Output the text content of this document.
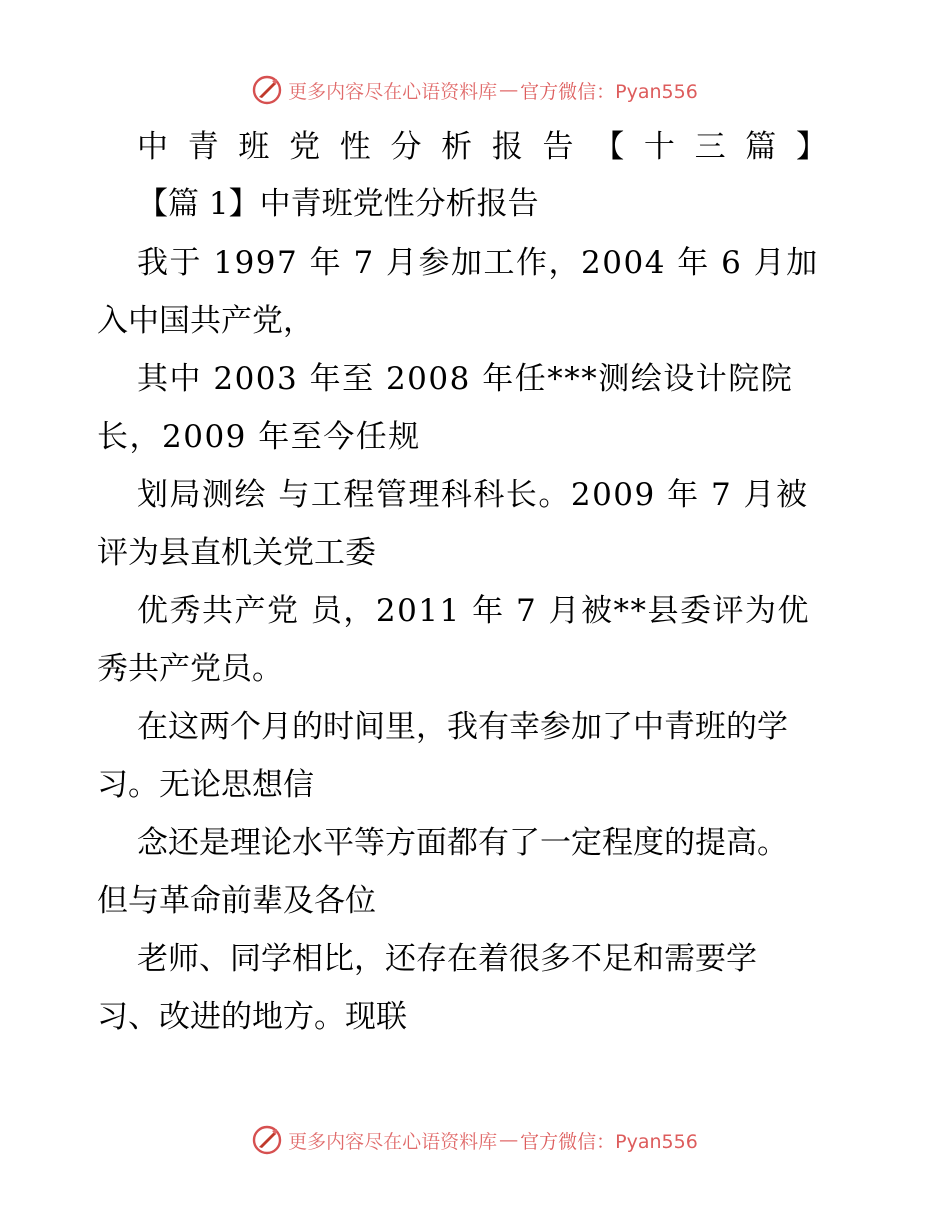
更多内容尽在心语资料库 — 官方微信：Pyan556
中 青 班 党 性 分 析 报 告 【 十 三 篇 】
【篇 1】中青班党性分析报告
我于 1997 年 7 月参加工作，2004 年 6 月加
入中国共产党，
其中 2003 年至 2008 年任***测绘设计院院
长，2009 年至今任规
划局测绘 与工程管理科科长。2009 年 7 月被
评为县直机关党工委
优秀共产党 员，2011 年 7 月被**县委评为优
秀共产党员。
在这两个月的时间里，我有幸参加了中青班的学
习。无论思想信
念还是理论水平等方面都有了一定程度的提高。
但与革命前辈及各位
老师、同学相比，还存在着很多不足和需要学
习、改进的地方。现联
更多内容尽在心语资料库 — 官方微信：Pyan556
